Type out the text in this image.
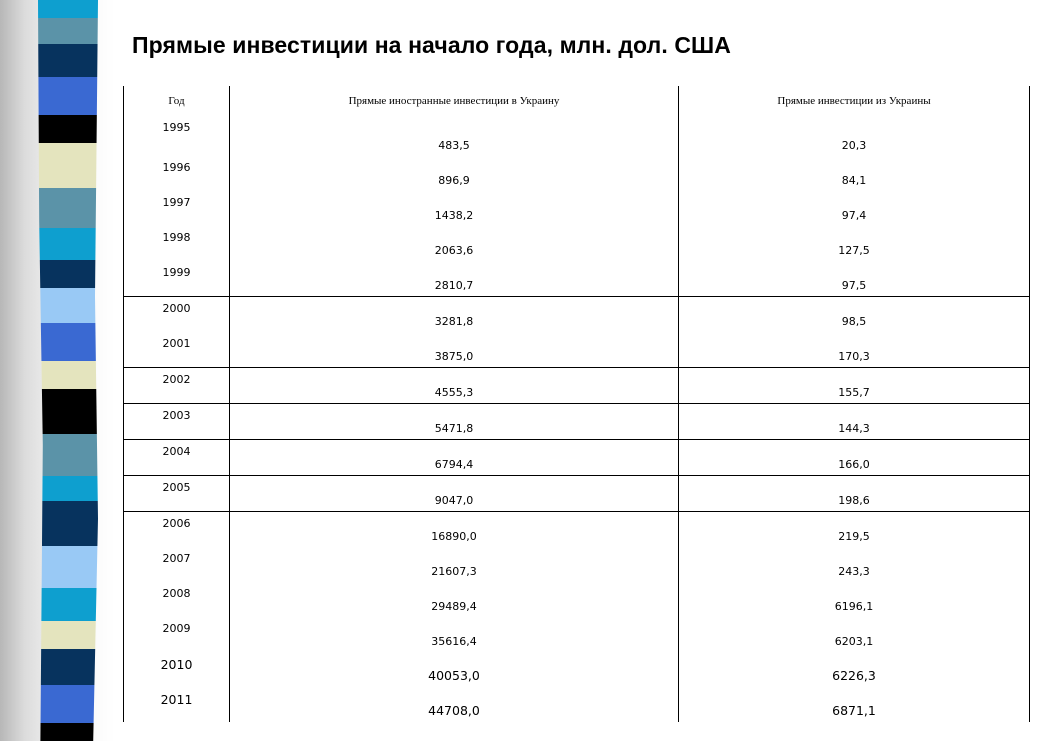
Прямые инвестиции на начало года, млн. дол. США
Год	Прямые иностранные инвестиции в Украину	Прямые инвестиции из Украины

1995	483,5	20,3

1996	896,9	84,1

1997	1438,2	97,4

1998	2063,6	127,5

1999	2810,7	97,5

2000	3281,8	98,5

2001	3875,0	170,3

2002	4555,3	155,7

2003	5471,8	144,3

2004	6794,4	166,0

2005	9047,0	198,6

2006	16890,0	219,5

2007	21607,3	243,3

2008	29489,4	6196,1

2009	35616,4	6203,1

2010	40053,0	6226,3

2011	44708,0	6871,1
